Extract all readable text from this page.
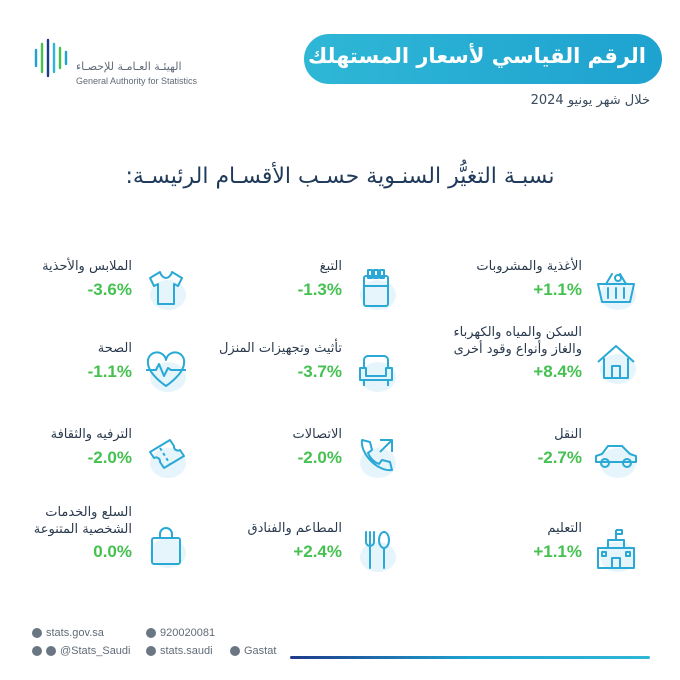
الهيئـة العـامـة للإحصـاء
General Authority for Statistics
الرقم القياسي لأسعار المستهلك
خلال شهر يونيو 2024
نسبـة التغيُّر السنـوية حسـب الأقسـام الرئيسـة:
الأغذية والمشروبات
+1.1%
التبغ
-1.3%
الملابس والأحذية
-3.6%
السكن والمياه والكهرباء
والغاز وأنواع وقود أخرى
+8.4%
تأثيث وتجهيزات المنزل
-3.7%
الصحة
-1.1%
النقل
-2.7%
الاتصالات
-2.0%
الترفيه والثقافة
-2.0%
التعليم
+1.1%
المطاعم والفنادق
+2.4%
السلع والخدمات
الشخصية المتنوعة
0.0%
stats.gov.sa	920020081
@Stats_Saudi	stats.saudi	Gastat
